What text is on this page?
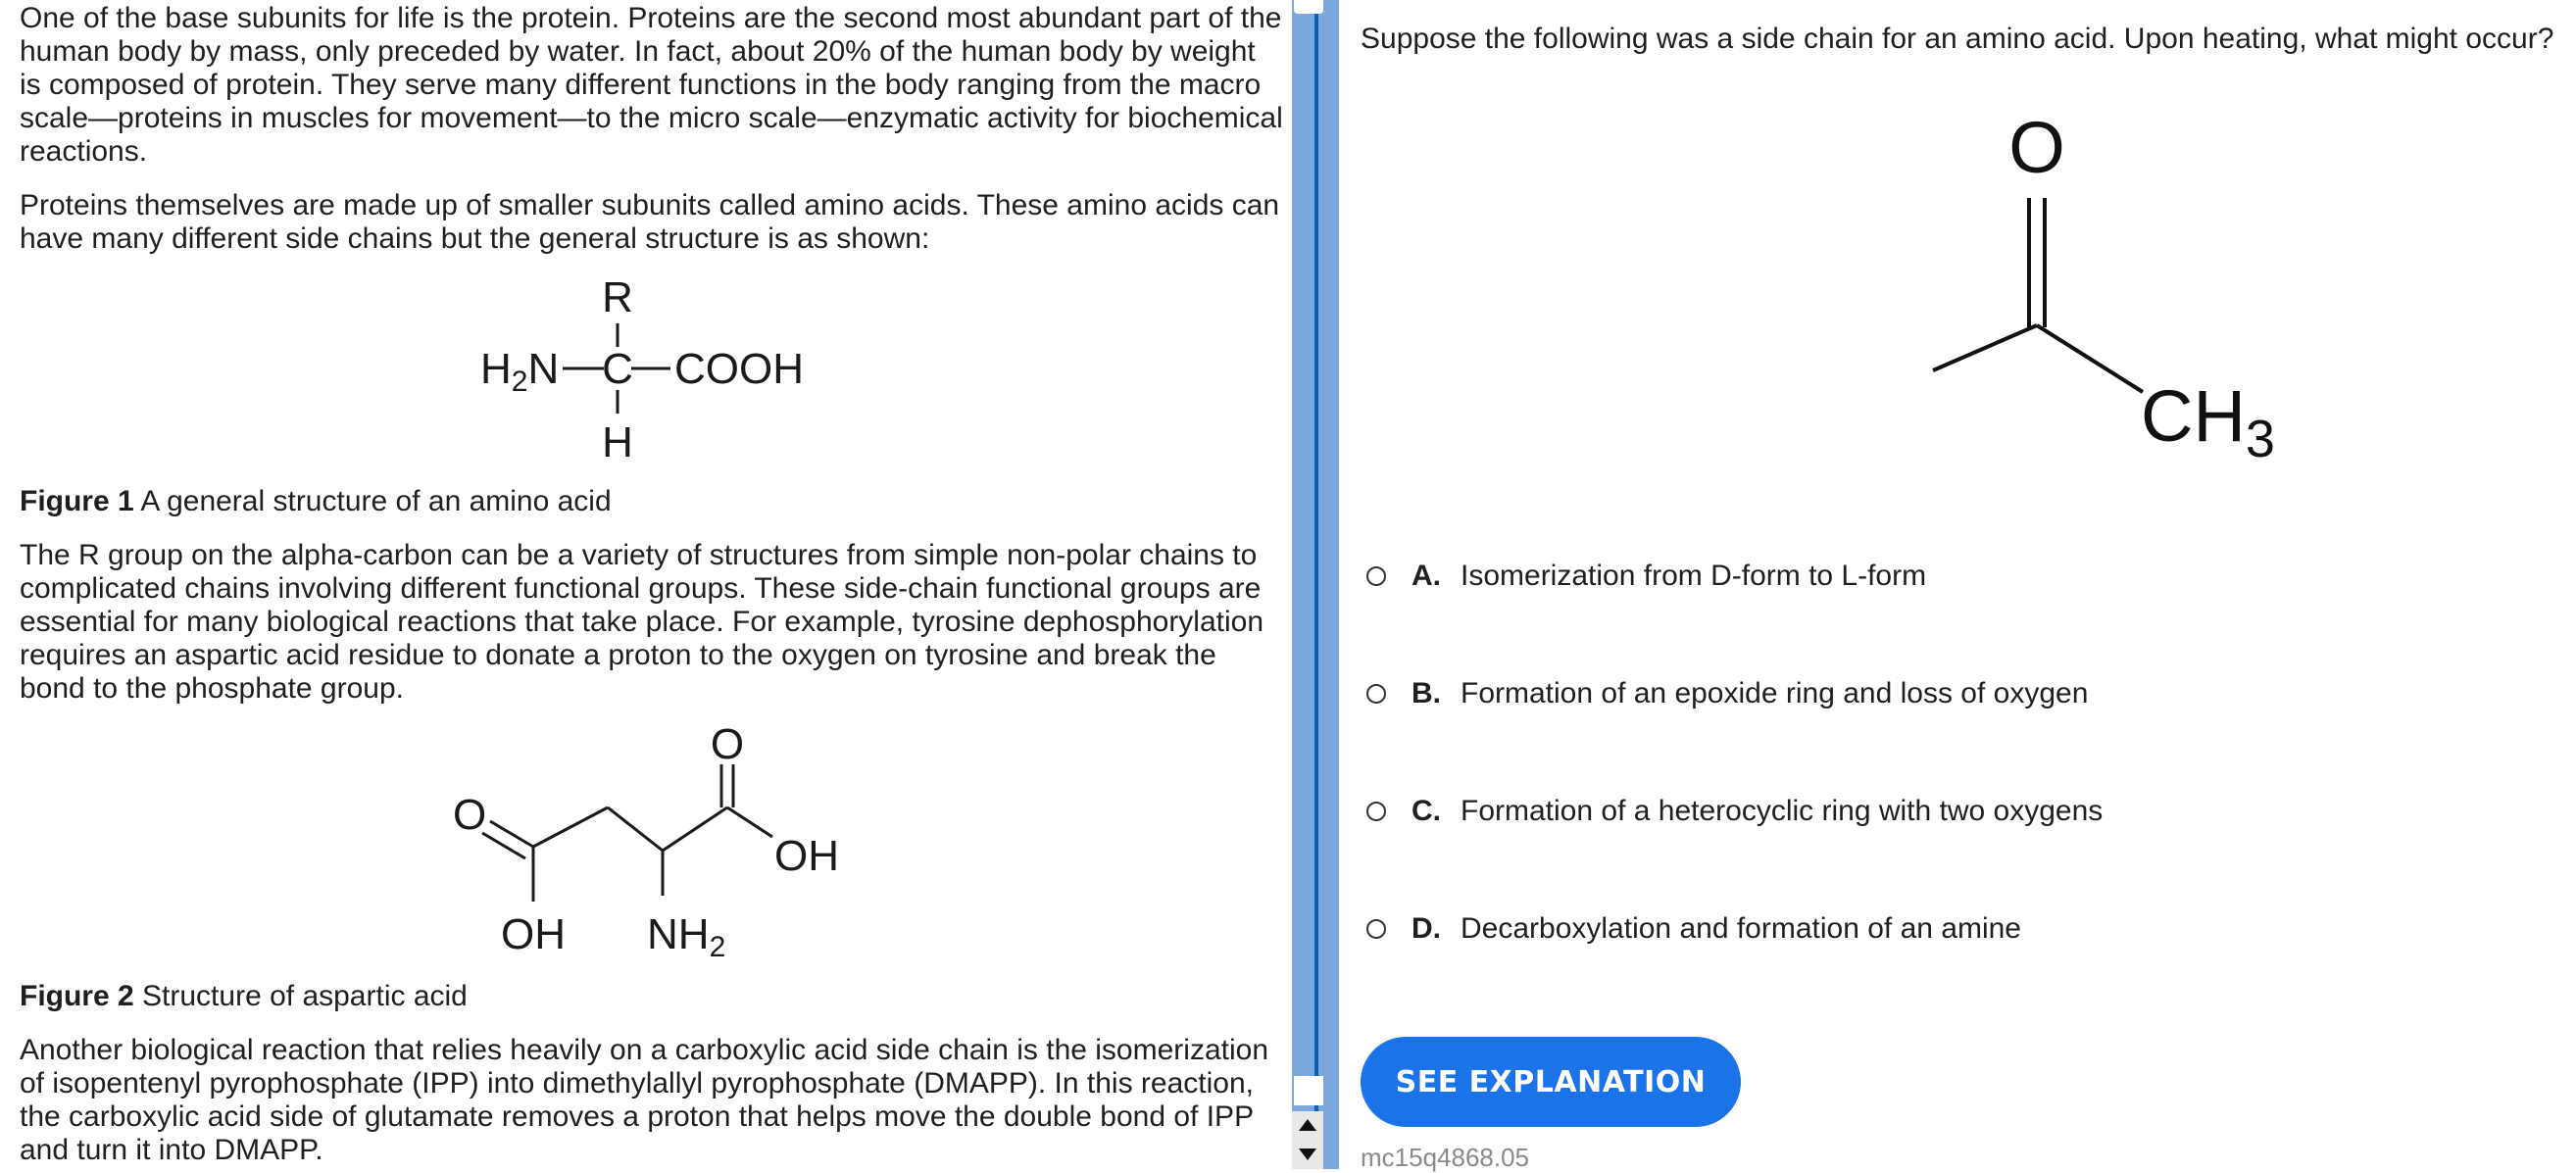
One of the base subunits for life is the protein. Proteins are the second most abundant part of the human body by mass, only preceded by water. In fact, about 20% of the human body by weight is composed of protein. They serve many different functions in the body ranging from the macro scale—proteins in muscles for movement—to the micro scale—enzymatic activity for biochemical reactions.

Proteins themselves are made up of smaller subunits called amino acids. These amino acids can have many different side chains but the general structure is as shown:

R
H2N C COOH
H

Figure 1 A general structure of an amino acid

The R group on the alpha-carbon can be a variety of structures from simple non-polar chains to complicated chains involving different functional groups. These side-chain functional groups are essential for many biological reactions that take place. For example, tyrosine dephosphorylation requires an aspartic acid residue to donate a proton to the oxygen on tyrosine and break the bond to the phosphate group.

O
O
OH
OH NH2

Figure 2 Structure of aspartic acid

Another biological reaction that relies heavily on a carboxylic acid side chain is the isomerization of isopentenyl pyrophosphate (IPP) into dimethylallyl pyrophosphate (DMAPP). In this reaction, the carboxylic acid side of glutamate removes a proton that helps move the double bond of IPP and turn it into DMAPP.

Suppose the following was a side chain for an amino acid. Upon heating, what might occur?

O
$CH_3$
A. Isomerization from D-form to L-form
B. Formation of an epoxide ring and loss of oxygen
C. Formation of a heterocyclic ring with two oxygens
D. Decarboxylation and formation of an amine
SEE EXPLANATION
mc15q4868.05
